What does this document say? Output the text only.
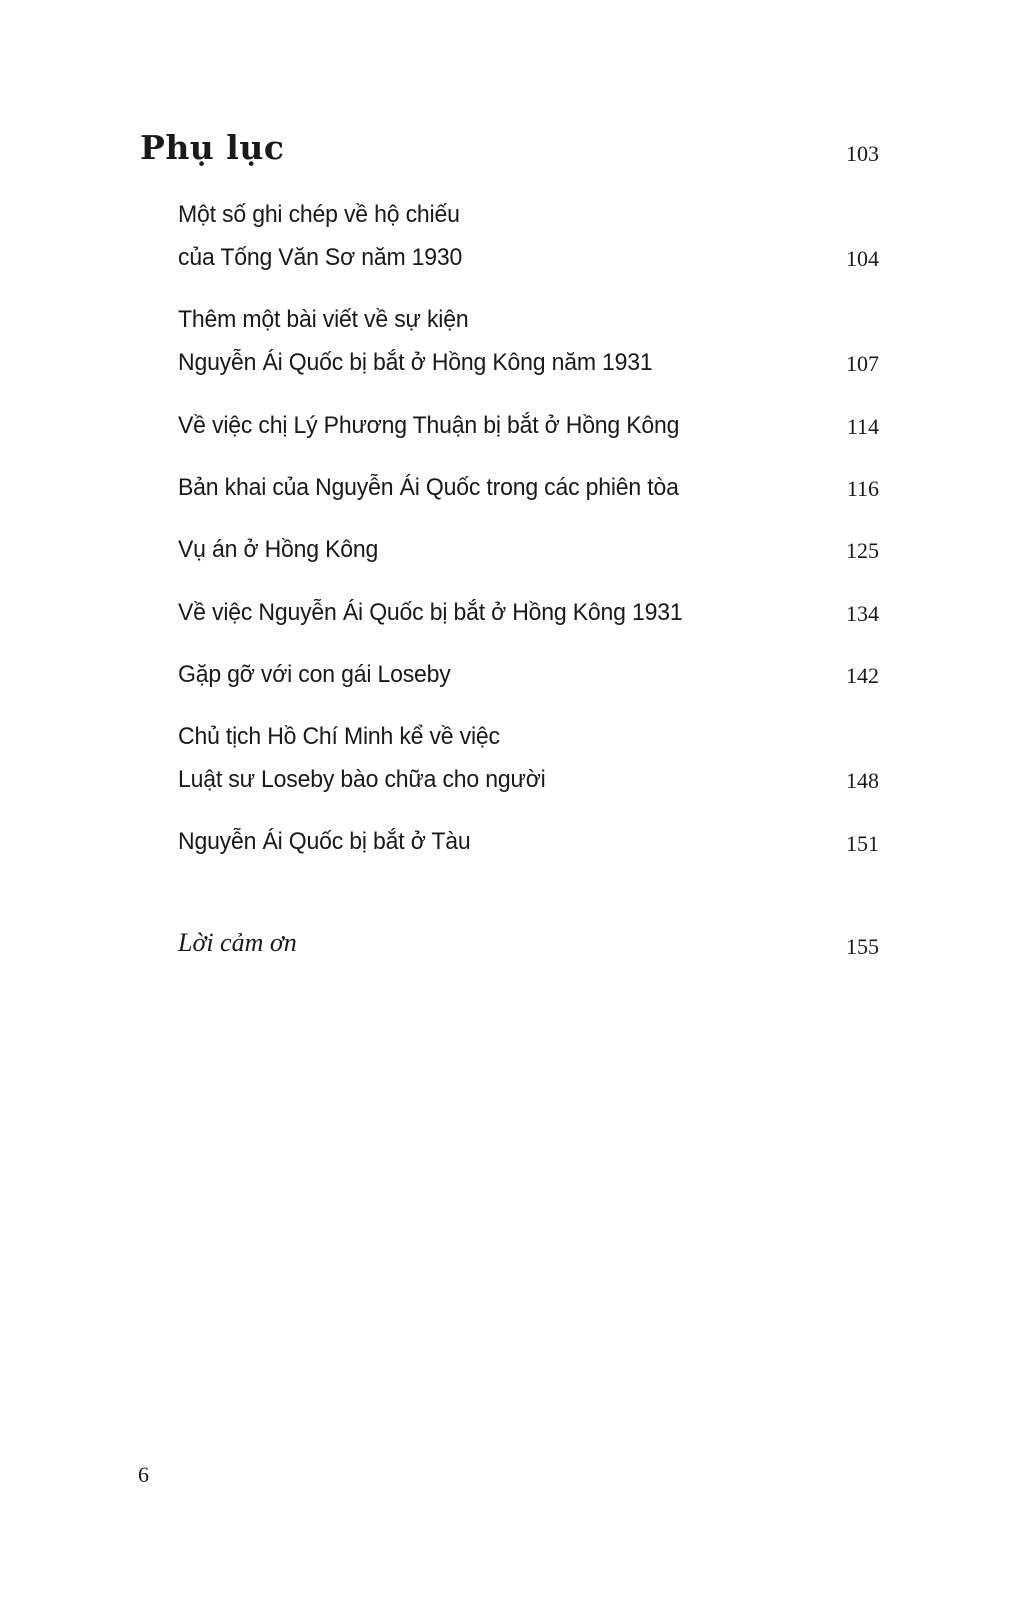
Phụ lục	103
Một số ghi chép về hộ chiếu
của Tống Văn Sơ năm 1930	104
Thêm một bài viết về sự kiện
Nguyễn Ái Quốc bị bắt ở Hồng Kông năm 1931	107
Về việc chị Lý Phương Thuận bị bắt ở Hồng Kông	114
Bản khai của Nguyễn Ái Quốc trong các phiên tòa	116
Vụ án ở Hồng Kông	125
Về việc Nguyễn Ái Quốc bị bắt ở Hồng Kông 1931	134
Gặp gỡ với con gái Loseby	142
Chủ tịch Hồ Chí Minh kể về việc
Luật sư Loseby bào chữa cho người	148
Nguyễn Ái Quốc bị bắt ở Tàu	151
Lời cảm ơn	155
6
